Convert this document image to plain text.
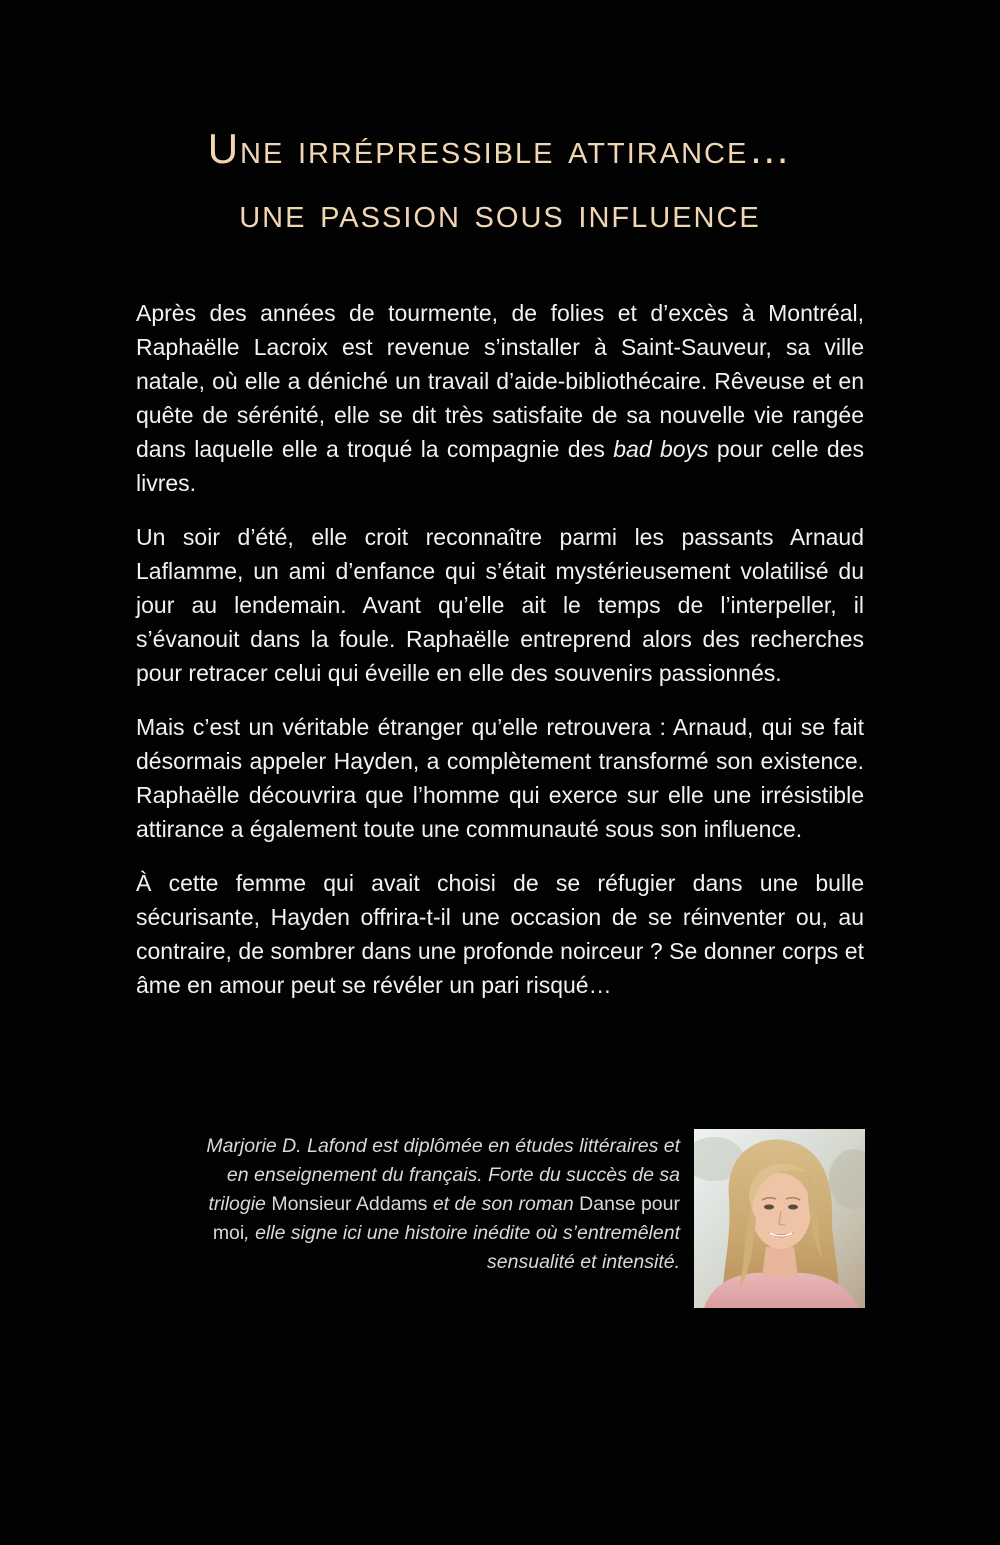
Une irrépressible attirance…
une passion sous influence

Après des années de tourmente, de folies et d’excès à Montréal, Raphaëlle Lacroix est revenue s’installer à Saint-Sauveur, sa ville natale, où elle a déniché un travail d’aide-bibliothécaire. Rêveuse et en quête de sérénité, elle se dit très satisfaite de sa nouvelle vie rangée dans laquelle elle a troqué la compagnie des bad boys pour celle des livres.

Un soir d’été, elle croit reconnaître parmi les passants Arnaud Laflamme, un ami d’enfance qui s’était mystérieusement volatilisé du jour au lendemain. Avant qu’elle ait le temps de l’interpeller, il s’évanouit dans la foule. Raphaëlle entreprend alors des recherches pour retracer celui qui éveille en elle des souvenirs passionnés.

Mais c’est un véritable étranger qu’elle retrouvera : Arnaud, qui se fait désormais appeler Hayden, a complètement transformé son existence. Raphaëlle découvrira que l’homme qui exerce sur elle une irrésistible attirance a également toute une communauté sous son influence.

À cette femme qui avait choisi de se réfugier dans une bulle sécurisante, Hayden offrira-t-il une occasion de se réinventer ou, au contraire, de sombrer dans une profonde noirceur ? Se donner corps et âme en amour peut se révéler un pari risqué…

Marjorie D. Lafond est diplômée en études littéraires et en enseignement du français. Forte du succès de sa trilogie Monsieur Addams et de son roman Danse pour moi, elle signe ici une histoire inédite où s’entremêlent sensualité et intensité.
